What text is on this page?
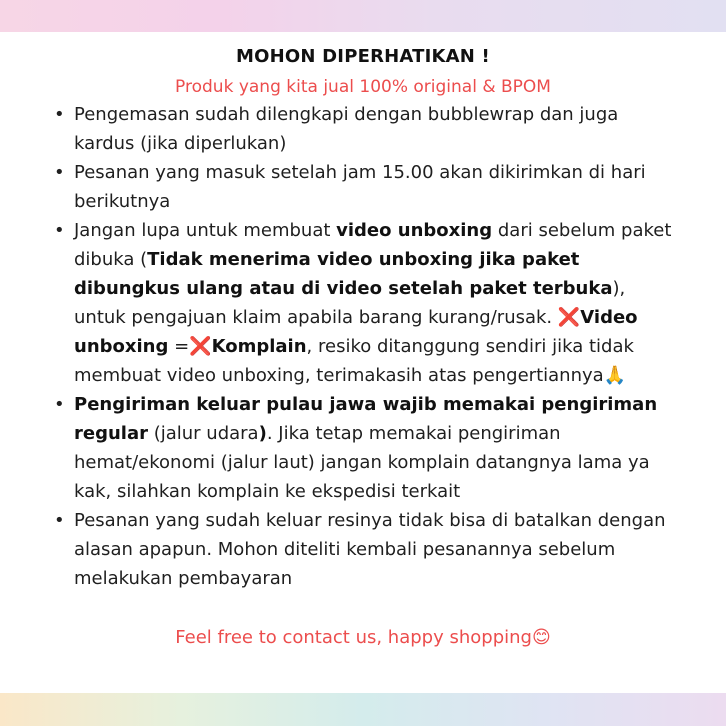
MOHON DIPERHATIKAN !
Produk yang kita jual 100% original & BPOM
• Pengemasan sudah dilengkapi dengan bubblewrap dan juga kardus (jika diperlukan)
• Pesanan yang masuk setelah jam 15.00 akan dikirimkan di hari berikutnya
• Jangan lupa untuk membuat video unboxing dari sebelum paket dibuka (Tidak menerima video unboxing jika paket dibungkus ulang atau di video setelah paket terbuka), untuk pengajuan klaim apabila barang kurang/rusak. ❌Video unboxing =❌Komplain, resiko ditanggung sendiri jika tidak membuat video unboxing, terimakasih atas pengertiannya🙏
• Pengiriman keluar pulau jawa wajib memakai pengiriman regular (jalur udara). Jika tetap memakai pengiriman hemat/ekonomi (jalur laut) jangan komplain datangnya lama ya kak, silahkan komplain ke ekspedisi terkait
• Pesanan yang sudah keluar resinya tidak bisa di batalkan dengan alasan apapun. Mohon diteliti kembali pesanannya sebelum melakukan pembayaran
Feel free to contact us, happy shopping😊
